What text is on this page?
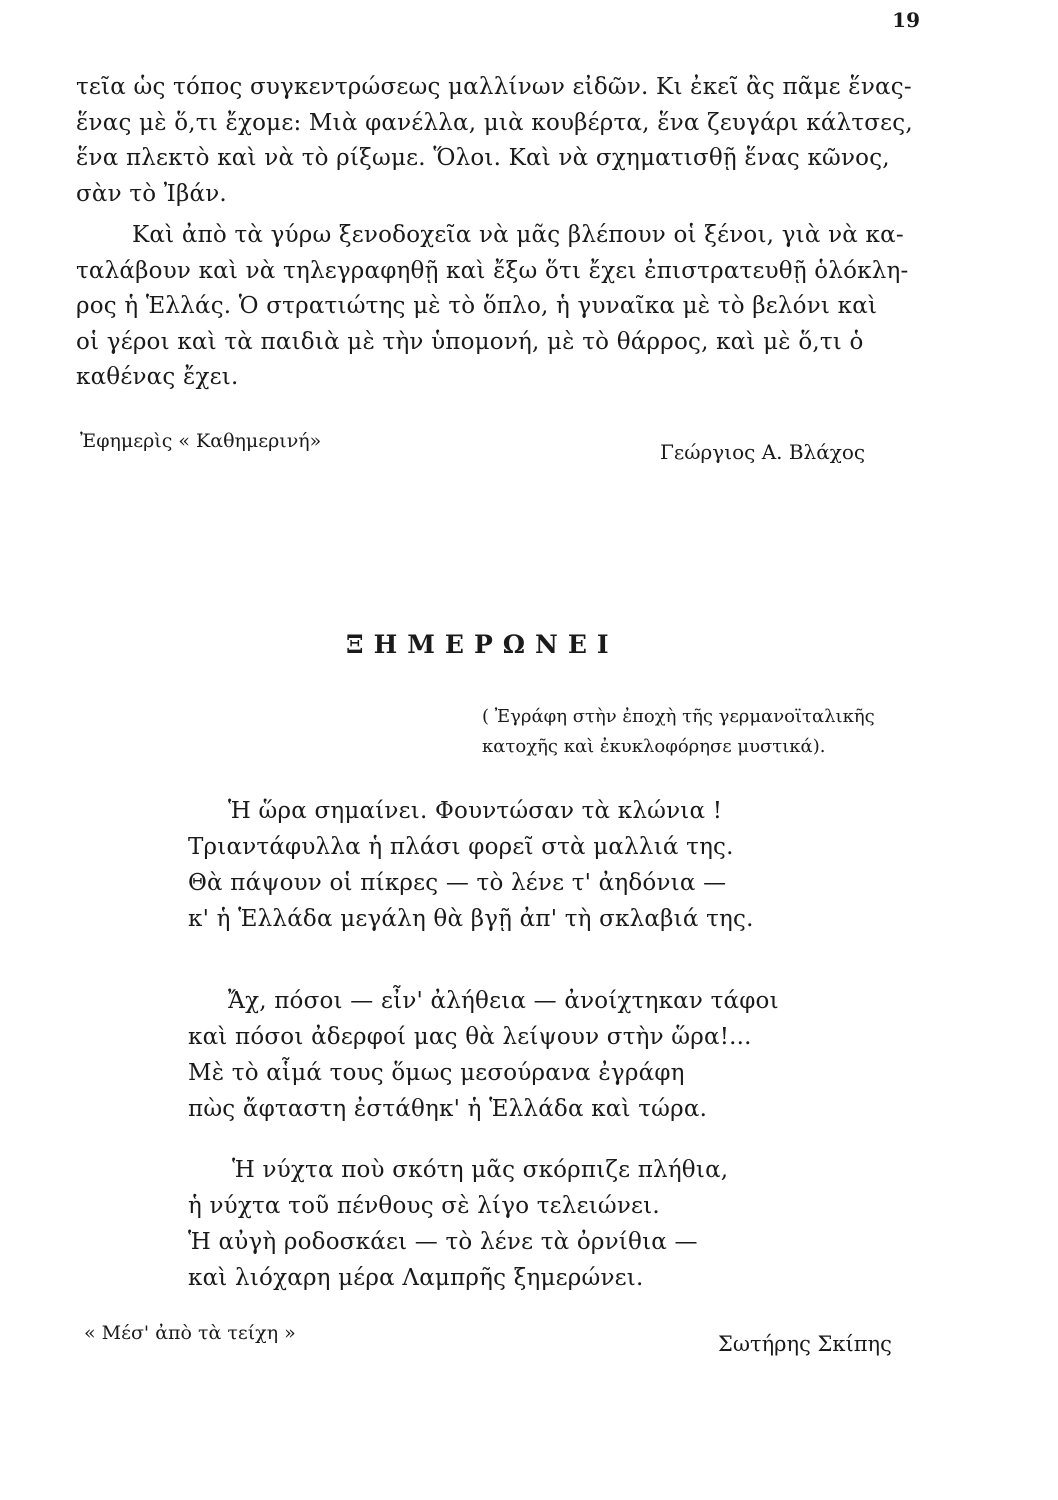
19
τεῖα ὡς τόπος συγκεντρώσεως μαλλίνων εἰδῶν. Κι ἐκεῖ ἂς πᾶμε ἕνας-
ἕνας μὲ ὅ,τι ἔχομε: Μιὰ φανέλλα, μιὰ κουβέρτα, ἕνα ζευγάρι κάλτσες,
ἕνα πλεκτὸ καὶ νὰ τὸ ρίξωμε. Ὅλοι. Καὶ νὰ σχηματισθῇ ἕνας κῶνος,
σὰν τὸ Ἰβάν.
Καὶ ἀπὸ τὰ γύρω ξενοδοχεῖα νὰ μᾶς βλέπουν οἱ ξένοι, γιὰ νὰ κα-
ταλάβουν καὶ νὰ τηλεγραφηθῇ καὶ ἔξω ὅτι ἔχει ἐπιστρατευθῇ ὁλόκλη-
ρος ἡ Ἑλλάς. Ὁ στρατιώτης μὲ τὸ ὅπλο, ἡ γυναῖκα μὲ τὸ βελόνι καὶ
οἱ γέροι καὶ τὰ παιδιὰ μὲ τὴν ὑπομονή, μὲ τὸ θάρρος, καὶ μὲ ὅ,τι ὁ
καθένας ἔχει.
Ἐφημερὶς « Καθημερινή»	Γεώργιος Α. Βλάχος
ΞΗΜΕΡΩΝΕΙ
( Ἐγράφη στὴν ἐποχὴ τῆς γερμανοϊταλικῆς
κατοχῆς καὶ ἐκυκλοφόρησε μυστικά).
Ἡ ὥρα σημαίνει. Φουντώσαν τὰ κλώνια !
Τριαντάφυλλα ἡ πλάσι φορεῖ στὰ μαλλιά της.
Θὰ πάψουν οἱ πίκρες — τὸ λένε τ' ἀηδόνια —
κ' ἡ Ἑλλάδα μεγάλη θὰ βγῇ ἀπ' τὴ σκλαβιά της.
Ἄχ, πόσοι — εἶν' ἀλήθεια — ἀνοίχτηκαν τάφοι
καὶ πόσοι ἀδερφοί μας θὰ λείψουν στὴν ὥρα!...
Μὲ τὸ αἷμά τους ὅμως μεσούρανα ἐγράφη
πὼς ἄφταστη ἐστάθηκ' ἡ Ἑλλάδα καὶ τώρα.
Ἡ νύχτα ποὺ σκότη μᾶς σκόρπιζε πλήθια,
ἡ νύχτα τοῦ πένθους σὲ λίγο τελειώνει.
Ἡ αὐγὴ ροδοσκάει — τὸ λένε τὰ ὀρνίθια —
καὶ λιόχαρη μέρα Λαμπρῆς ξημερώνει.
« Μέσ' ἀπὸ τὰ τείχη »	Σωτήρης Σκίπης
